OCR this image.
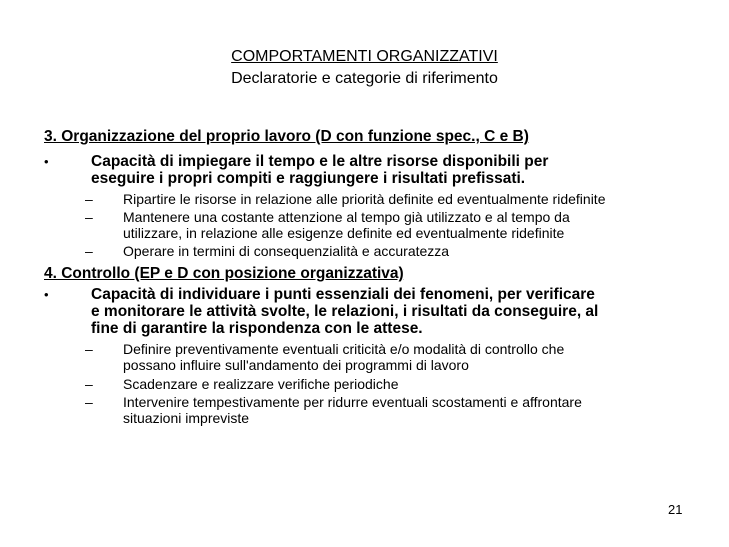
COMPORTAMENTI ORGANIZZATIVI
Declaratorie e categorie di riferimento
3. Organizzazione del proprio lavoro (D con funzione spec., C e B)
•	Capacità di impiegare il tempo e le altre risorse disponibili per
eseguire i propri compiti e raggiungere i risultati prefissati.
– Ripartire le risorse in relazione alle priorità definite ed eventualmente ridefinite
– Mantenere una costante attenzione al tempo già utilizzato e al tempo da
utilizzare, in relazione alle esigenze definite ed eventualmente ridefinite
– Operare in termini di consequenzialità e accuratezza
4. Controllo (EP e D con posizione organizzativa)
•	Capacità di individuare i punti essenziali dei fenomeni, per verificare
e monitorare le attività svolte, le relazioni, i risultati da conseguire, al
fine di garantire la rispondenza con le attese.
– Definire preventivamente eventuali criticità e/o modalità di controllo che
possano influire sull'andamento dei programmi di lavoro
– Scadenzare e realizzare verifiche periodiche
– Intervenire tempestivamente per ridurre eventuali scostamenti e affrontare
situazioni impreviste
21
